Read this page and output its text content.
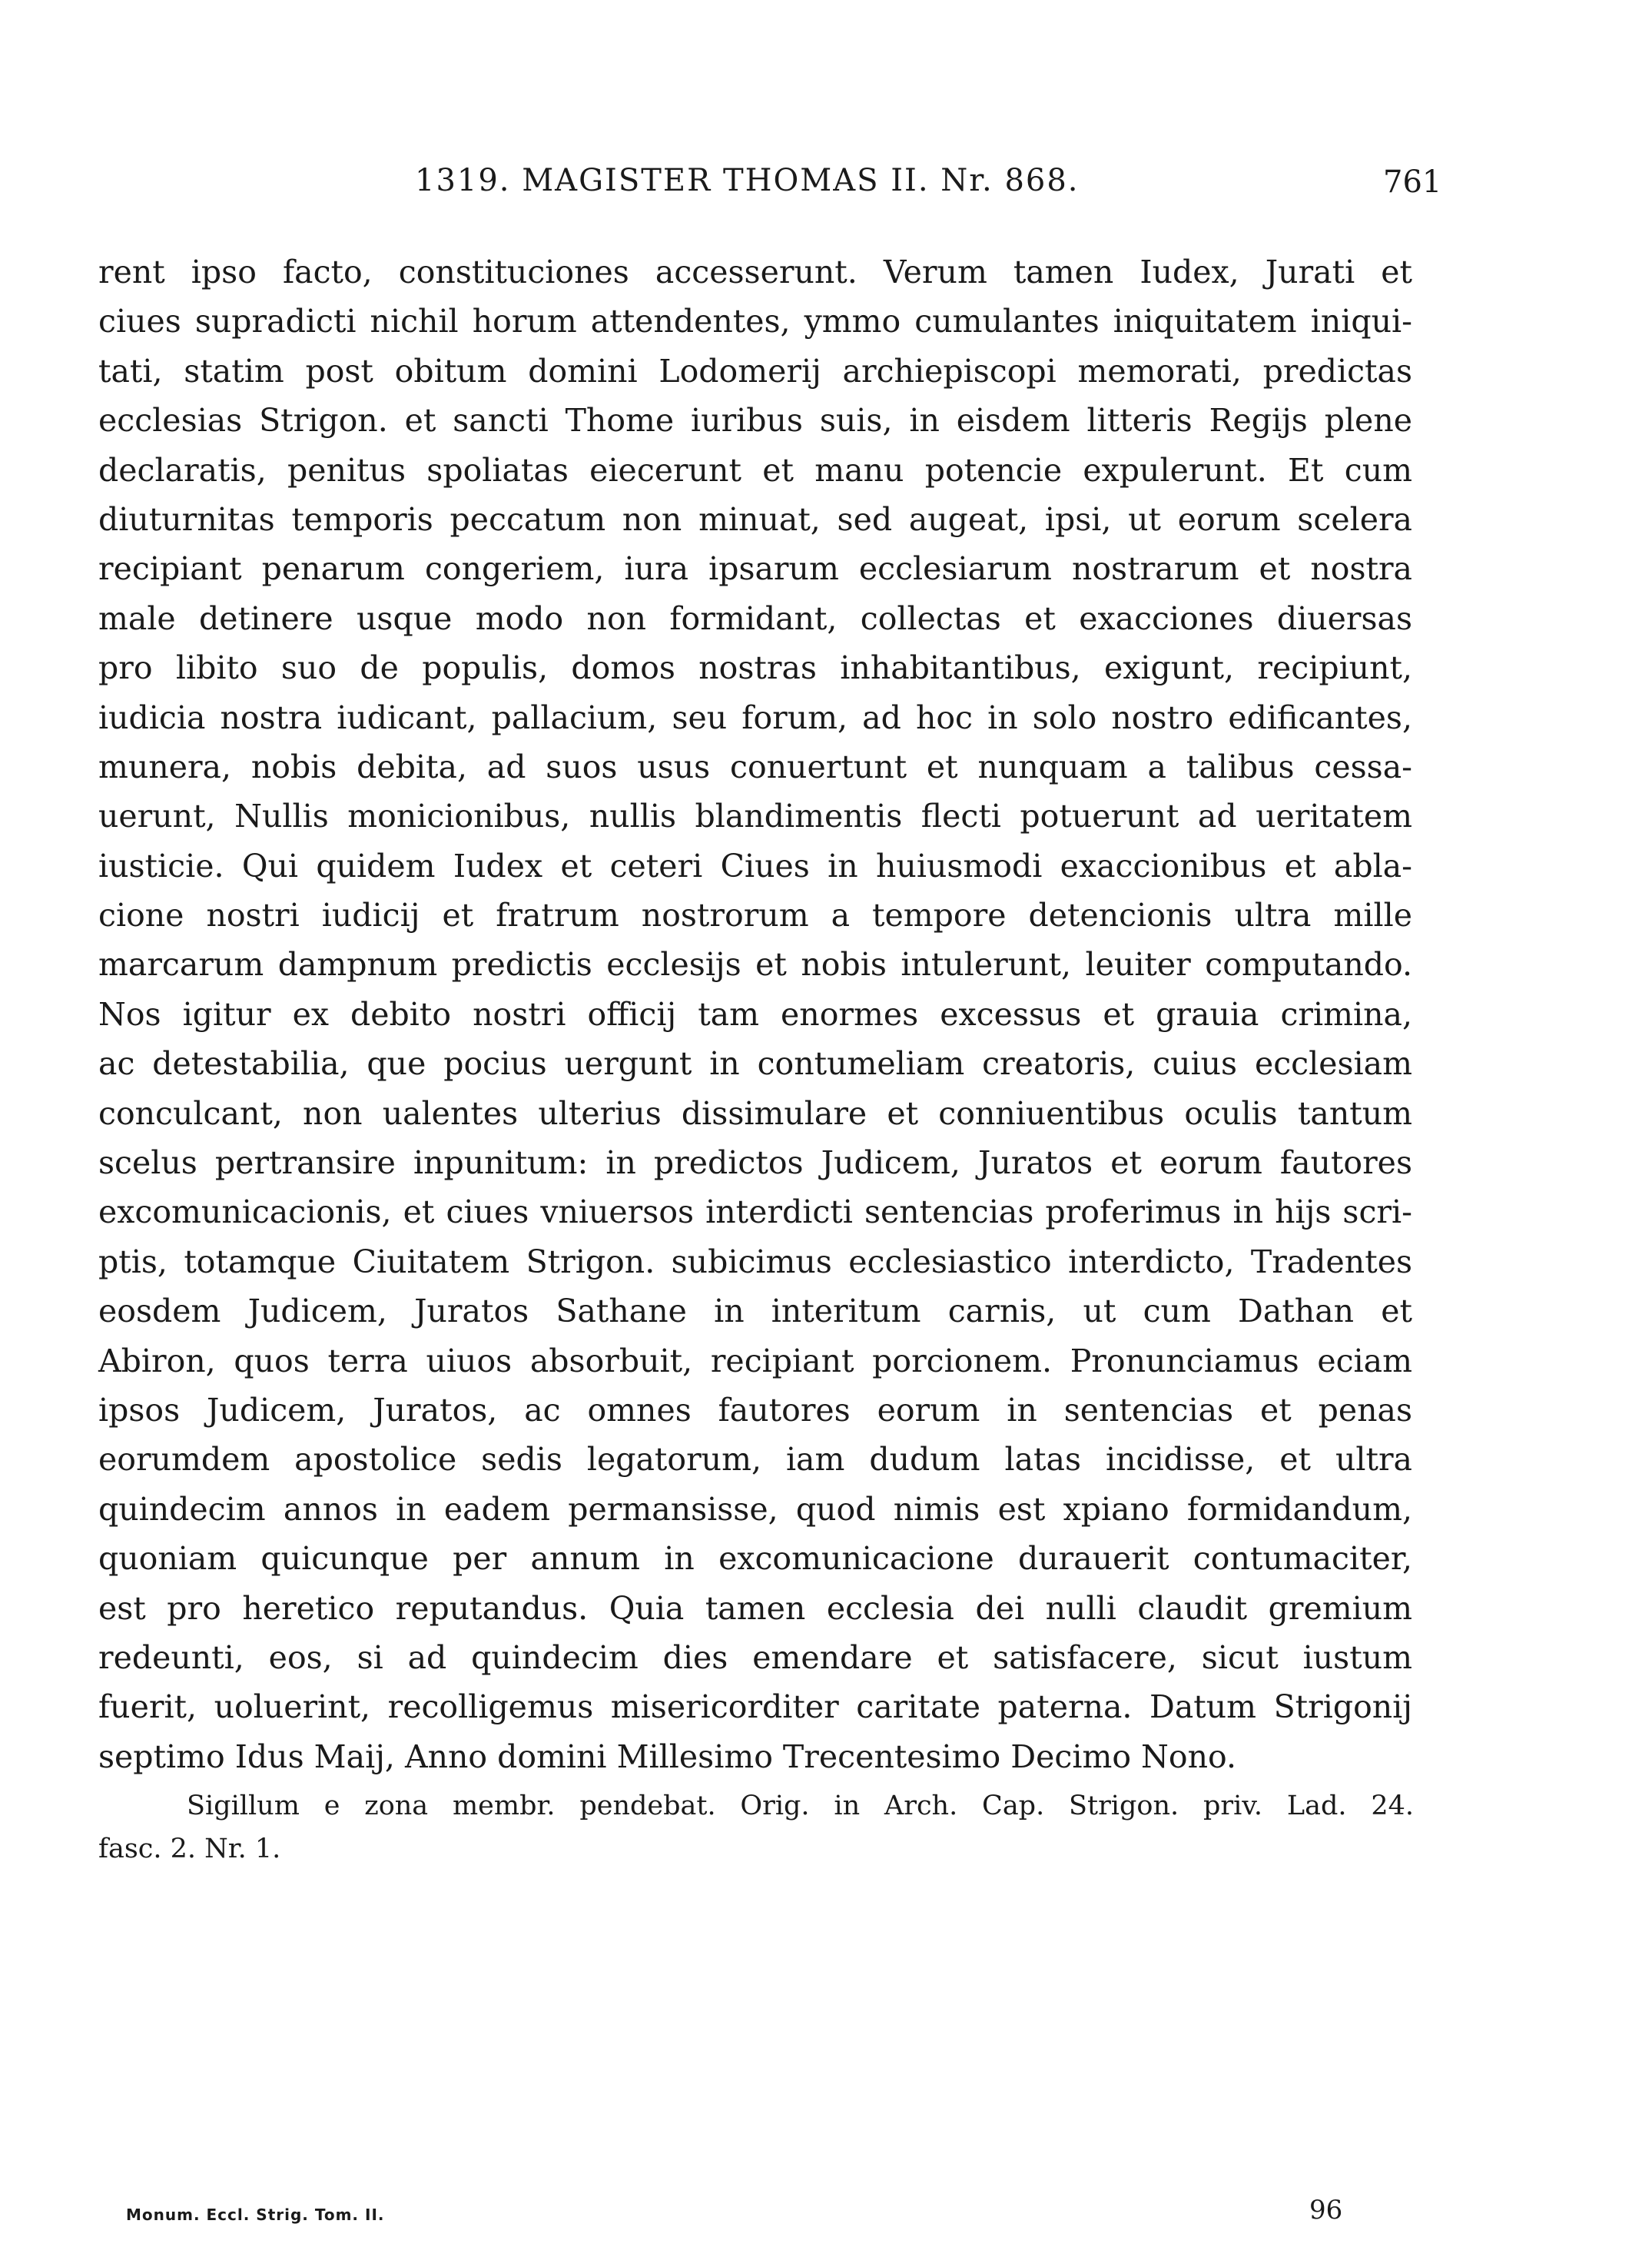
1319. MAGISTER THOMAS II. Nr. 868.	761
rent ipso facto, constituciones accesserunt. Verum tamen Iudex, Jurati et
ciues supradicti nichil horum attendentes, ymmo cumulantes iniquitatem iniqui-
tati, statim post obitum domini Lodomerij archiepiscopi memorati, predictas
ecclesias Strigon. et sancti Thome iuribus suis, in eisdem litteris Regijs plene
declaratis, penitus spoliatas eiecerunt et manu potencie expulerunt. Et cum
diuturnitas temporis peccatum non minuat, sed augeat, ipsi, ut eorum scelera
recipiant penarum congeriem, iura ipsarum ecclesiarum nostrarum et nostra
male detinere usque modo non formidant, collectas et exacciones diuersas
pro libito suo de populis, domos nostras inhabitantibus, exigunt, recipiunt,
iudicia nostra iudicant, pallacium, seu forum, ad hoc in solo nostro edificantes,
munera, nobis debita, ad suos usus conuertunt et nunquam a talibus cessa-
uerunt, Nullis monicionibus, nullis blandimentis flecti potuerunt ad ueritatem
iusticie. Qui quidem Iudex et ceteri Ciues in huiusmodi exaccionibus et abla-
cione nostri iudicij et fratrum nostrorum a tempore detencionis ultra mille
marcarum dampnum predictis ecclesijs et nobis intulerunt, leuiter computando.
Nos igitur ex debito nostri officij tam enormes excessus et grauia crimina,
ac detestabilia, que pocius uergunt in contumeliam creatoris, cuius ecclesiam
conculcant, non ualentes ulterius dissimulare et conniuentibus oculis tantum
scelus pertransire inpunitum: in predictos Judicem, Juratos et eorum fautores
excomunicacionis, et ciues vniuersos interdicti sentencias proferimus in hijs scri-
ptis, totamque Ciuitatem Strigon. subicimus ecclesiastico interdicto, Tradentes
eosdem Judicem, Juratos Sathane in interitum carnis, ut cum Dathan et
Abiron, quos terra uiuos absorbuit, recipiant porcionem. Pronunciamus eciam
ipsos Judicem, Juratos, ac omnes fautores eorum in sentencias et penas
eorumdem apostolice sedis legatorum, iam dudum latas incidisse, et ultra
quindecim annos in eadem permansisse, quod nimis est xpiano formidandum,
quoniam quicunque per annum in excomunicacione durauerit contumaciter,
est pro heretico reputandus. Quia tamen ecclesia dei nulli claudit gremium
redeunti, eos, si ad quindecim dies emendare et satisfacere, sicut iustum
fuerit, uoluerint, recolligemus misericorditer caritate paterna. Datum Strigonij
septimo Idus Maij, Anno domini Millesimo Trecentesimo Decimo Nono.
Sigillum e zona membr. pendebat. Orig. in Arch. Cap. Strigon. priv. Lad. 24.
fasc. 2. Nr. 1.
Monum. Eccl. Strig. Tom. II.	96
